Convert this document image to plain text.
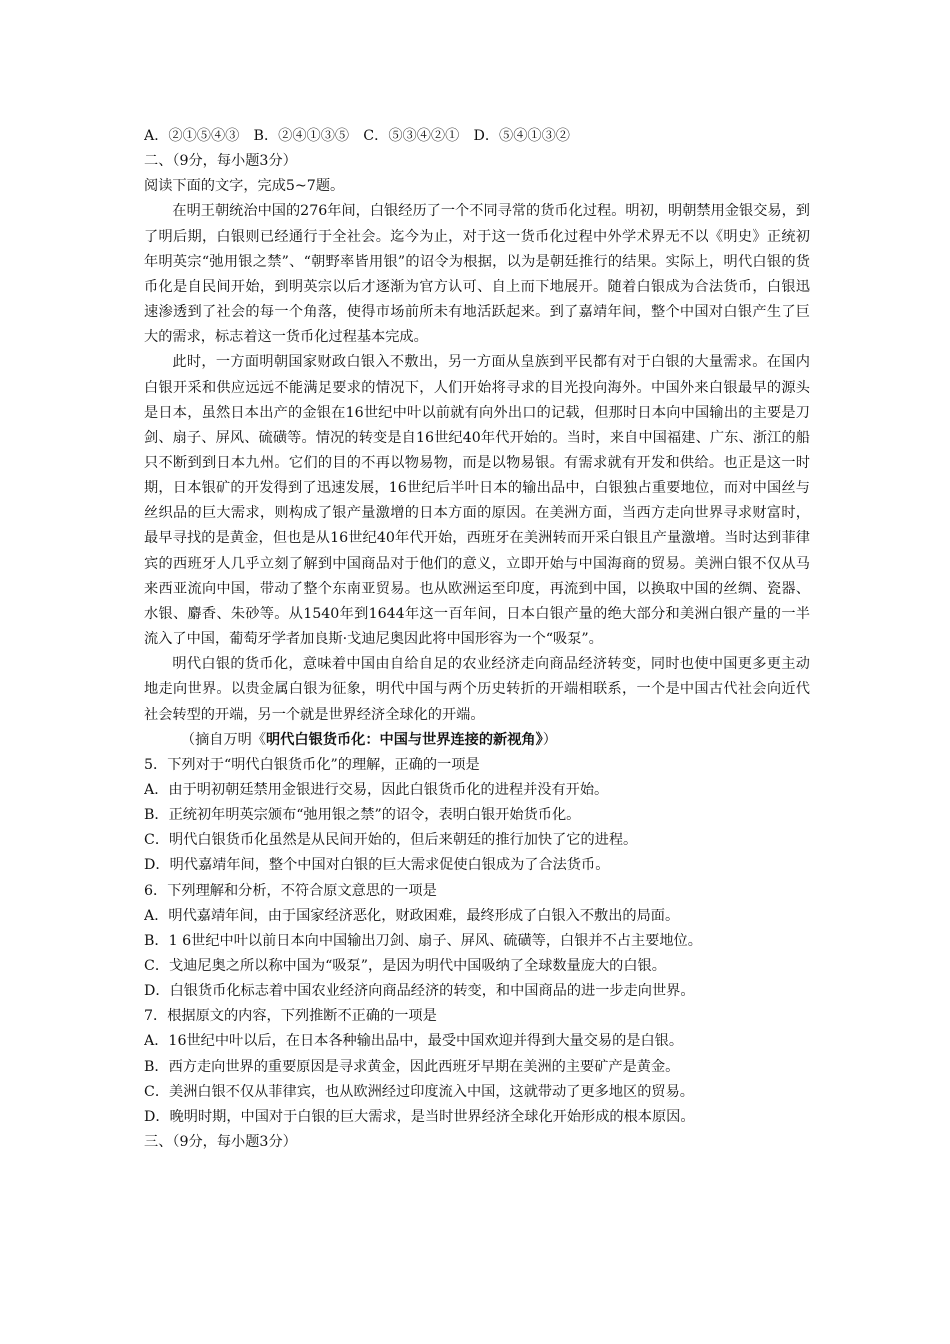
A．②①⑤④③　B．②④①③⑤　C．⑤③④②①　D．⑤④①③②
二、（9分，每小题3分）
阅读下面的文字，完成5~7题。
在明王朝统治中国的276年间，白银经历了一个不同寻常的货币化过程。明初，明朝禁用金银交易，到了明后期，白银则已经通行于全社会。迄今为止，对于这一货币化过程中外学术界无不以《明史》正统初年明英宗“弛用银之禁”、“朝野率皆用银”的诏令为根据，以为是朝廷推行的结果。实际上，明代白银的货币化是自民间开始，到明英宗以后才逐渐为官方认可、自上而下地展开。随着白银成为合法货币，白银迅速渗透到了社会的每一个角落，使得市场前所未有地活跃起来。到了嘉靖年间，整个中国对白银产生了巨大的需求，标志着这一货币化过程基本完成。
此时，一方面明朝国家财政白银入不敷出，另一方面从皇族到平民都有对于白银的大量需求。在国内白银开采和供应远远不能满足要求的情况下，人们开始将寻求的目光投向海外。中国外来白银最早的源头是日本，虽然日本出产的金银在16世纪中叶以前就有向外出口的记载，但那时日本向中国输出的主要是刀剑、扇子、屏风、硫磺等。情况的转变是自16世纪40年代开始的。当时，来自中国福建、广东、浙江的船只不断到到日本九州。它们的目的不再以物易物，而是以物易银。有需求就有开发和供给。也正是这一时期，日本银矿的开发得到了迅速发展，16世纪后半叶日本的输出品中，白银独占重要地位，而对中国丝与丝织品的巨大需求，则构成了银产量激增的日本方面的原因。在美洲方面，当西方走向世界寻求财富时，最早寻找的是黄金，但也是从16世纪40年代开始，西班牙在美洲转而开采白银且产量激增。当时达到菲律宾的西班牙人几乎立刻了解到中国商品对于他们的意义，立即开始与中国海商的贸易。美洲白银不仅从马来西亚流向中国，带动了整个东南亚贸易。也从欧洲运至印度，再流到中国，以换取中国的丝绸、瓷器、水银、麝香、朱砂等。从1540年到1644年这一百年间，日本白银产量的绝大部分和美洲白银产量的一半流入了中国，葡萄牙学者加良斯·戈迪尼奥因此将中国形容为一个“吸泵”。
明代白银的货币化，意味着中国由自给自足的农业经济走向商品经济转变，同时也使中国更多更主动地走向世界。以贵金属白银为征象，明代中国与两个历史转折的开端相联系，一个是中国古代社会向近代社会转型的开端，另一个就是世界经济全球化的开端。
（摘自万明《明代白银货币化：中国与世界连接的新视角》）
5．下列对于“明代白银货币化”的理解，正确的一项是
A．由于明初朝廷禁用金银进行交易，因此白银货币化的进程并没有开始。
B．正统初年明英宗颁布“弛用银之禁”的诏令，表明白银开始货币化。
C．明代白银货币化虽然是从民间开始的，但后来朝廷的推行加快了它的进程。
D．明代嘉靖年间，整个中国对白银的巨大需求促使白银成为了合法货币。
6．下列理解和分析，不符合原文意思的一项是
A．明代嘉靖年间，由于国家经济恶化，财政困难，最终形成了白银入不敷出的局面。
B．1 6世纪中叶以前日本向中国输出刀剑、扇子、屏风、硫磺等，白银并不占主要地位。
C．戈迪尼奥之所以称中国为“吸泵”，是因为明代中国吸纳了全球数量庞大的白银。
D．白银货币化标志着中国农业经济向商品经济的转变，和中国商品的进一步走向世界。
7．根据原文的内容，下列推断不正确的一项是
A．16世纪中叶以后，在日本各种输出品中，最受中国欢迎并得到大量交易的是白银。
B．西方走向世界的重要原因是寻求黄金，因此西班牙早期在美洲的主要矿产是黄金。
C．美洲白银不仅从菲律宾，也从欧洲经过印度流入中国，这就带动了更多地区的贸易。
D．晚明时期，中国对于白银的巨大需求，是当时世界经济全球化开始形成的根本原因。
三、（9分，每小题3分）
